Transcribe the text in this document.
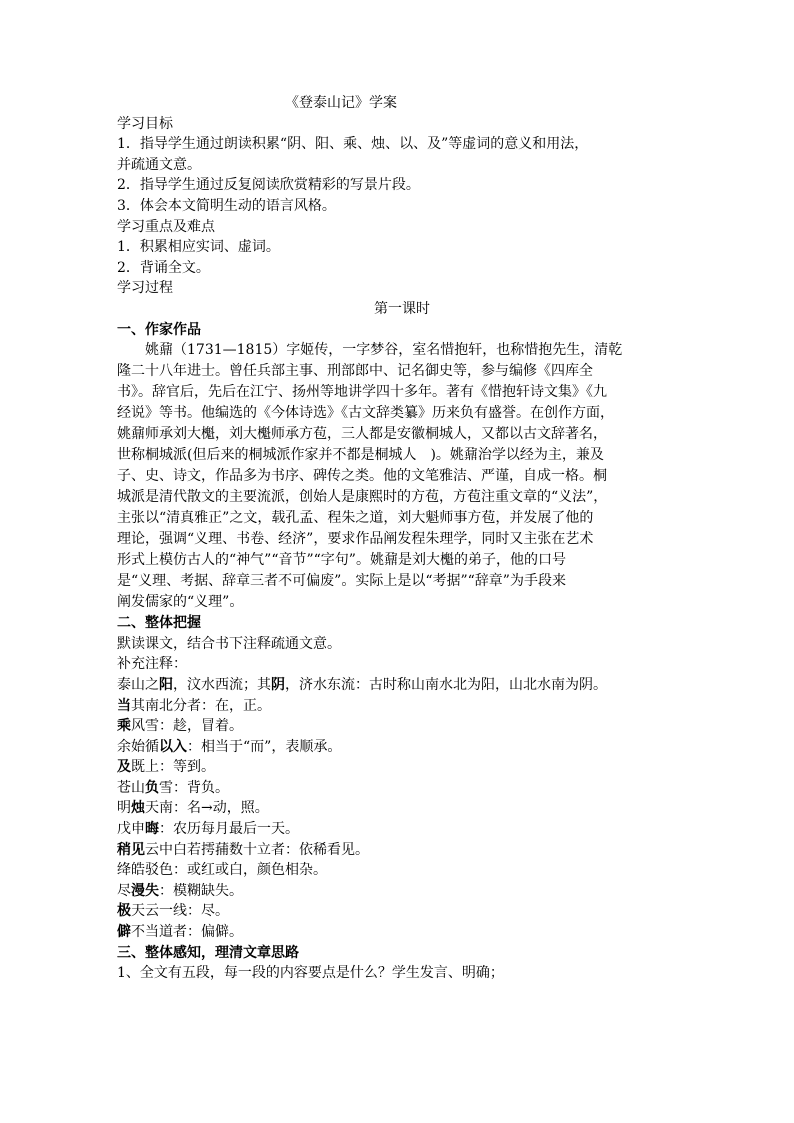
《登泰山记》学案
学习目标
1．指导学生通过朗读积累“阴、阳、乘、烛、以、及”等虚词的意义和用法，
并疏通文意。
2．指导学生通过反复阅读欣赏精彩的写景片段。
3．体会本文简明生动的语言风格。
学习重点及难点
1．积累相应实词、虚词。
2．背诵全文。
学习过程
第一课时
一、作家作品
姚鼐（1731—1815）字姬传，一字梦谷，室名惜抱轩，也称惜抱先生，清乾
隆二十八年进士。曾任兵部主事、刑部郎中、记名御史等，参与编修《四库全
书》。辞官后，先后在江宁、扬州等地讲学四十多年。著有《惜抱轩诗文集》《九
经说》等书。他编选的《今体诗选》《古文辞类纂》历来负有盛誉。在创作方面，
姚鼐师承刘大櫆，刘大櫆师承方苞，三人都是安徽桐城人，又都以古文辞著名，
世称桐城派(但后来的桐城派作家并不都是桐城人　)。姚鼐治学以经为主，兼及
子、史、诗文，作品多为书序、碑传之类。他的文笔雅洁、严谨，自成一格。桐
城派是清代散文的主要流派，创始人是康熙时的方苞，方苞注重文章的“义法”，
主张以“清真雅正”之文，载孔孟、程朱之道，刘大魁师事方苞，并发展了他的
理论，强调“义理、书卷、经济”，要求作品阐发程朱理学，同时又主张在艺术
形式上模仿古人的“神气”“音节”“字句”。姚鼐是刘大櫆的弟子，他的口号
是“义理、考据、辞章三者不可偏废”。实际上是以“考据”“辞章”为手段来
阐发儒家的“义理”。
二、整体把握
默读课文，结合书下注释疏通文意。
补充注释：
泰山之阳，汶水西流；其阴，济水东流：古时称山南水北为阳，山北水南为阴。
当其南北分者：在，正。
乘风雪：趁，冒着。
余始循以入：相当于“而”，表顺承。
及既上：等到。
苍山负雪：背负。
明烛天南：名→动，照。
戊申晦：农历每月最后一天。
稍见云中白若摴蒱数十立者：依稀看见。
绛皓驳色：或红或白，颜色相杂。
尽漫失：模糊缺失。
极天云一线：尽。
僻不当道者：偏僻。
三、整体感知，理清文章思路
1、全文有五段，每一段的内容要点是什么？学生发言、明确；
